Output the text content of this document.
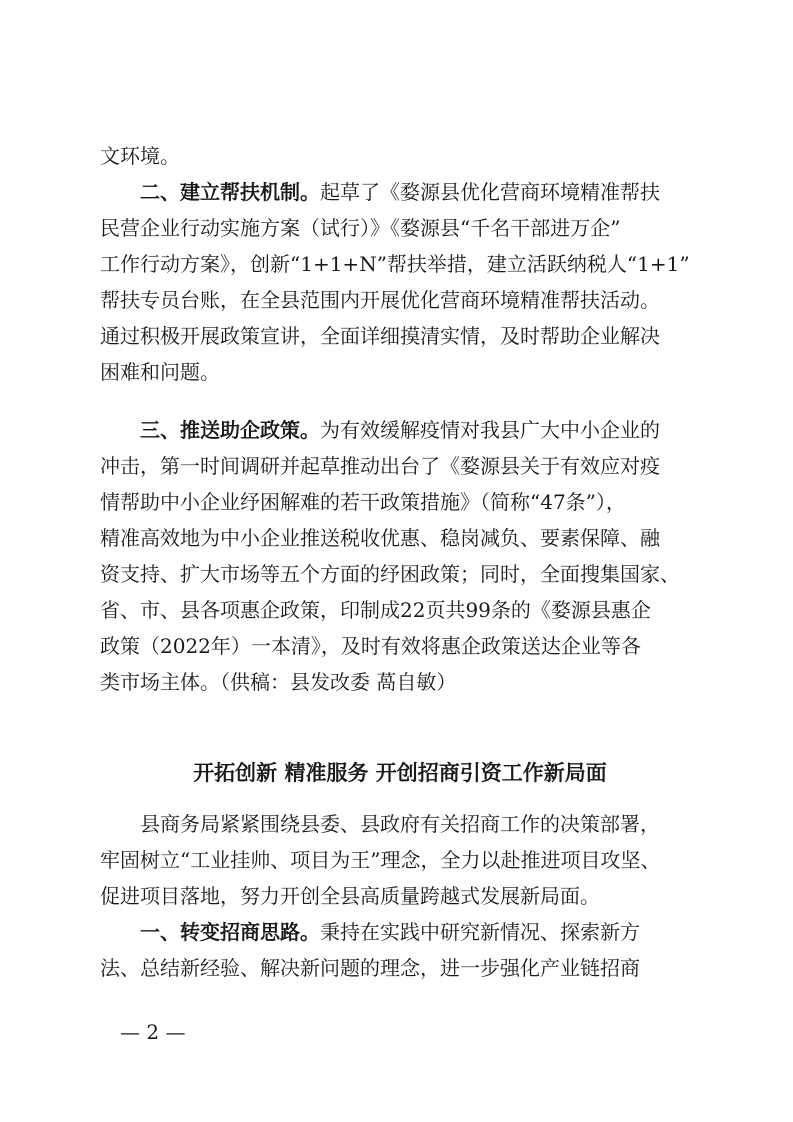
文环境。
二、建立帮扶机制。起草了《婺源县优化营商环境精准帮扶
民营企业行动实施方案（试行）》《婺源县“千名干部进万企”
工作行动方案》，创新“1+1+N”帮扶举措，建立活跃纳税人“1+1”
帮扶专员台账，在全县范围内开展优化营商环境精准帮扶活动。
通过积极开展政策宣讲，全面详细摸清实情，及时帮助企业解决
困难和问题。
三、推送助企政策。为有效缓解疫情对我县广大中小企业的
冲击，第一时间调研并起草推动出台了《婺源县关于有效应对疫
情帮助中小企业纾困解难的若干政策措施》（简称“47条”），
精准高效地为中小企业推送税收优惠、稳岗减负、要素保障、融
资支持、扩大市场等五个方面的纾困政策；同时，全面搜集国家、
省、市、县各项惠企政策，印制成22页共99条的《婺源县惠企
政策（2022年）一本清》，及时有效将惠企政策送达企业等各
类市场主体。（供稿：县发改委 萵自敏）
开拓创新 精准服务 开创招商引资工作新局面
县商务局紧紧围绕县委、县政府有关招商工作的决策部署，
牢固树立“工业挂帅、项目为王”理念，全力以赴推进项目攻坚、
促进项目落地，努力开创全县高质量跨越式发展新局面。
一、转变招商思路。秉持在实践中研究新情况、探索新方
法、总结新经验、解决新问题的理念，进一步强化产业链招商
— 2 —
